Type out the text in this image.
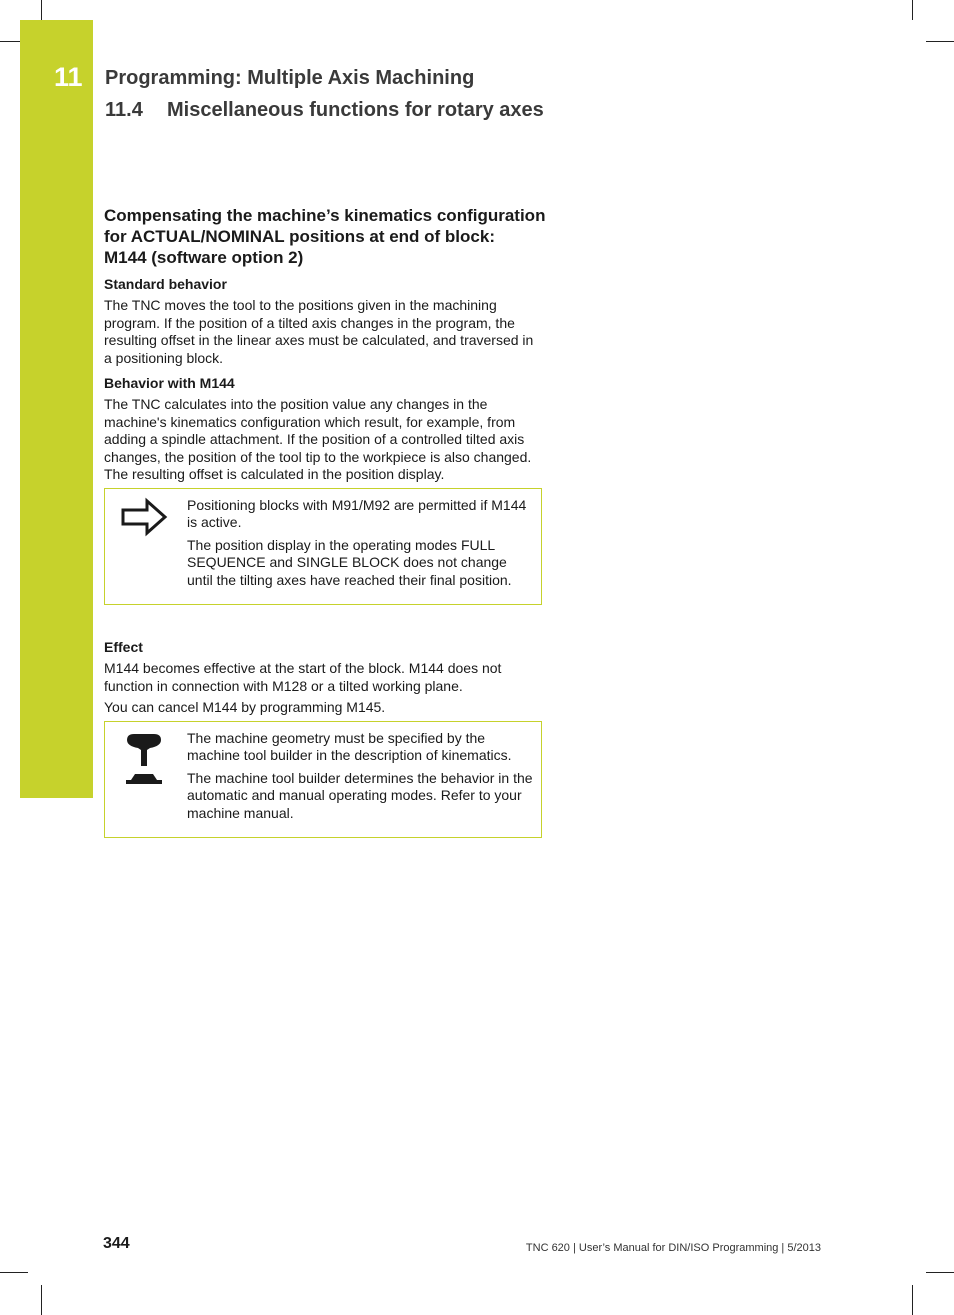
11 Programming: Multiple Axis Machining
11.4 Miscellaneous functions for rotary axes
Compensating the machine’s kinematics configuration
for ACTUAL/NOMINAL positions at end of block:
M144 (software option 2)
Standard behavior

The TNC moves the tool to the positions given in the machining program. If the position of a tilted axis changes in the program, the resulting offset in the linear axes must be calculated, and traversed in a positioning block.

Behavior with M144

The TNC calculates into the position value any changes in the machine's kinematics configuration which result, for example, from adding a spindle attachment. If the position of a controlled tilted axis changes, the position of the tool tip to the workpiece is also changed. The resulting offset is calculated in the position display.

Positioning blocks with M91/M92 are permitted if M144 is active.

The position display in the operating modes FULL SEQUENCE and SINGLE BLOCK does not change until the tilting axes have reached their final position.

Effect

M144 becomes effective at the start of the block. M144 does not function in connection with M128 or a tilted working plane.

You can cancel M144 by programming M145.

The machine geometry must be specified by the machine tool builder in the description of kinematics.

The machine tool builder determines the behavior in the automatic and manual operating modes. Refer to your machine manual.

344	TNC 620 | User’s Manual for DIN/ISO Programming | 5/2013
